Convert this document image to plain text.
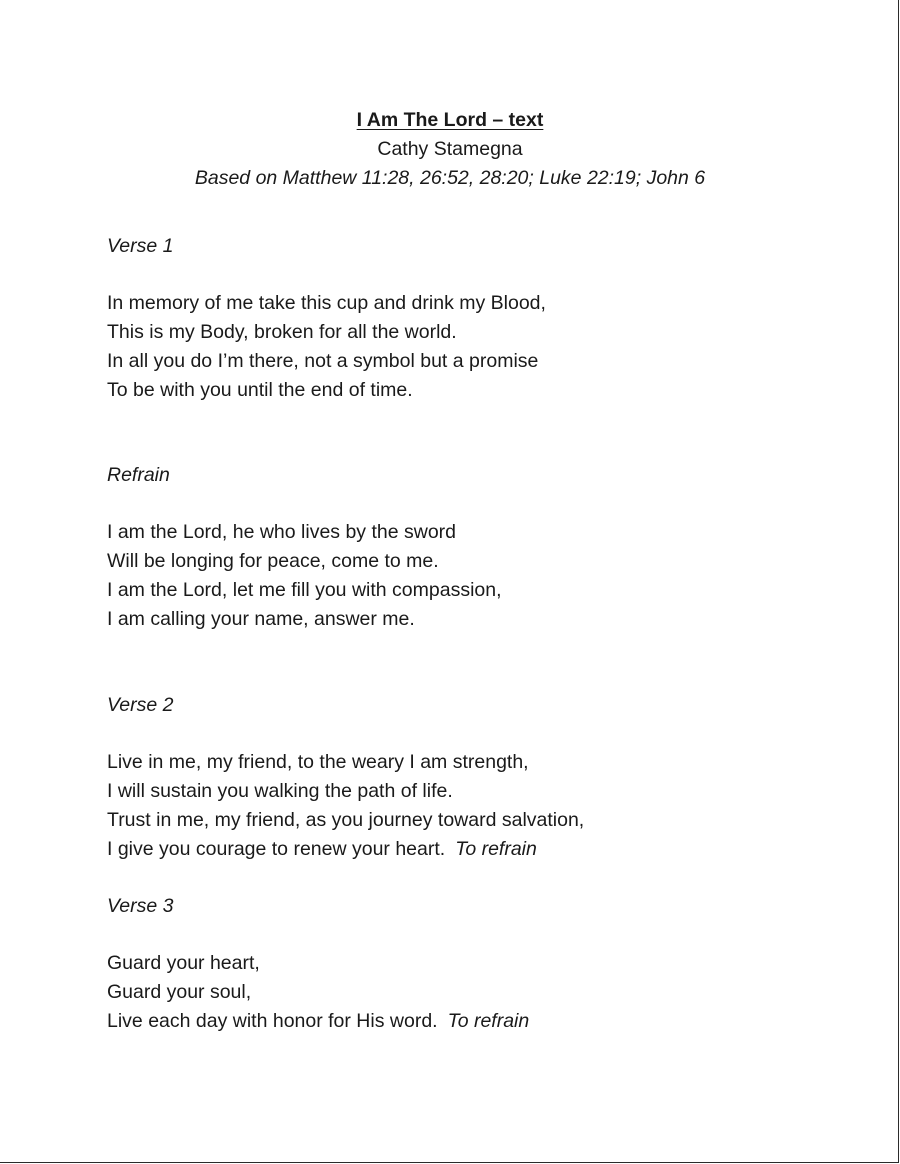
I Am The Lord – text
Cathy Stamegna
Based on Matthew 11:28, 26:52, 28:20; Luke 22:19; John 6
Verse 1
In memory of me take this cup and drink my Blood,
This is my Body, broken for all the world.
In all you do I’m there, not a symbol but a promise
To be with you until the end of time.
Refrain
I am the Lord, he who lives by the sword
Will be longing for peace, come to me.
I am the Lord, let me fill you with compassion,
I am calling your name, answer me.
Verse 2
Live in me, my friend, to the weary I am strength,
I will sustain you walking the path of life.
Trust in me, my friend, as you journey toward salvation,
I give you courage to renew your heart. To refrain
Verse 3
Guard your heart,
Guard your soul,
Live each day with honor for His word. To refrain
